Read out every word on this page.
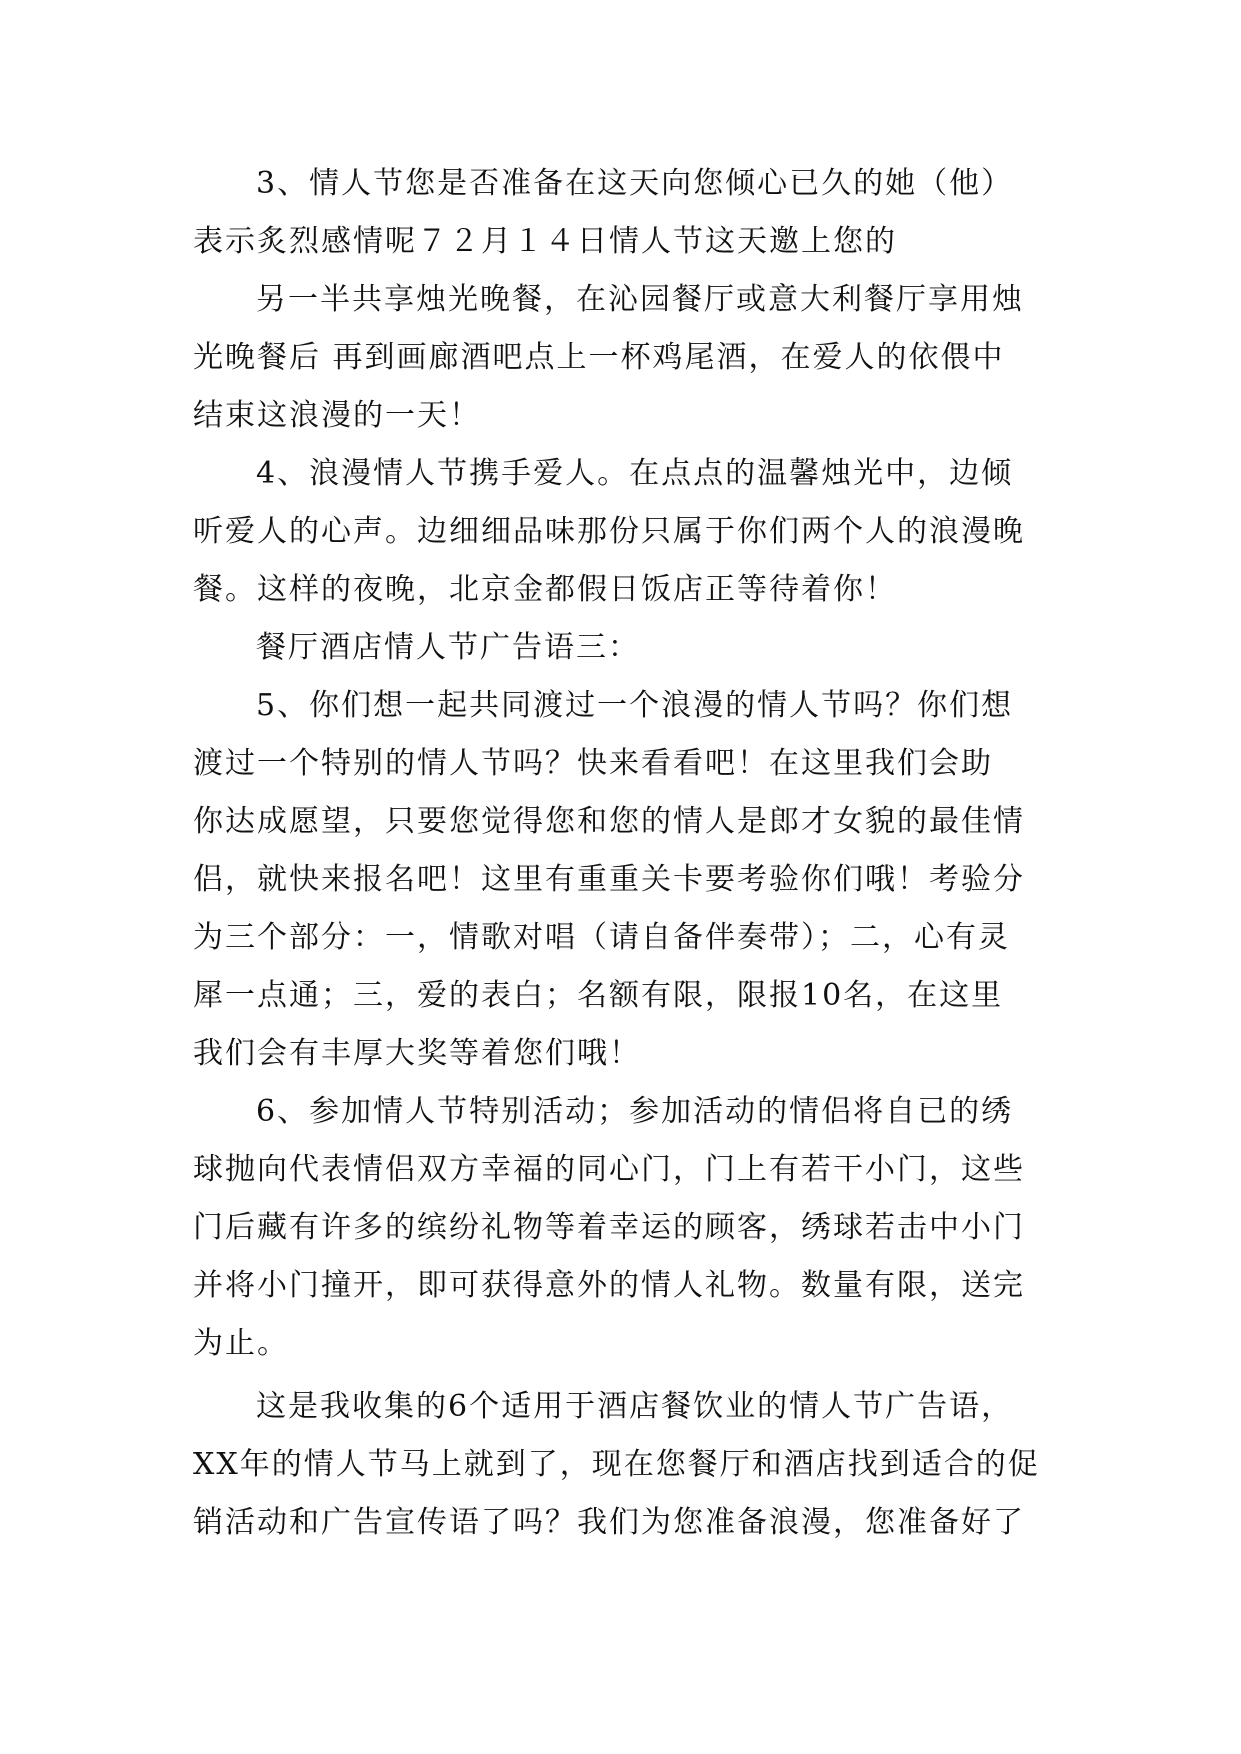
3、情人节您是否准备在这天向您倾心已久的她（他）
表示炙烈感情呢７２月１４日情人节这天邀上您的
另一半共享烛光晚餐，在沁园餐厅或意大利餐厅享用烛
光晚餐后 再到画廊酒吧点上一杯鸡尾酒，在爱人的依偎中
结束这浪漫的一天！
4、浪漫情人节携手爱人。在点点的温馨烛光中，边倾
听爱人的心声。边细细品味那份只属于你们两个人的浪漫晚
餐。这样的夜晚，北京金都假日饭店正等待着你！
餐厅酒店情人节广告语三：
5、你们想一起共同渡过一个浪漫的情人节吗？你们想
渡过一个特别的情人节吗？快来看看吧！在这里我们会助
你达成愿望，只要您觉得您和您的情人是郎才女貌的最佳情
侣，就快来报名吧！这里有重重关卡要考验你们哦！考验分
为三个部分：一，情歌对唱（请自备伴奏带）；二，心有灵
犀一点通；三，爱的表白；名额有限，限报10名，在这里
我们会有丰厚大奖等着您们哦！
6、参加情人节特别活动；参加活动的情侣将自已的绣
球抛向代表情侣双方幸福的同心门，门上有若干小门，这些
门后藏有许多的缤纷礼物等着幸运的顾客，绣球若击中小门
并将小门撞开，即可获得意外的情人礼物。数量有限，送完
为止。
这是我收集的6个适用于酒店餐饮业的情人节广告语，
XX年的情人节马上就到了，现在您餐厅和酒店找到适合的促
销活动和广告宣传语了吗？我们为您准备浪漫，您准备好了
